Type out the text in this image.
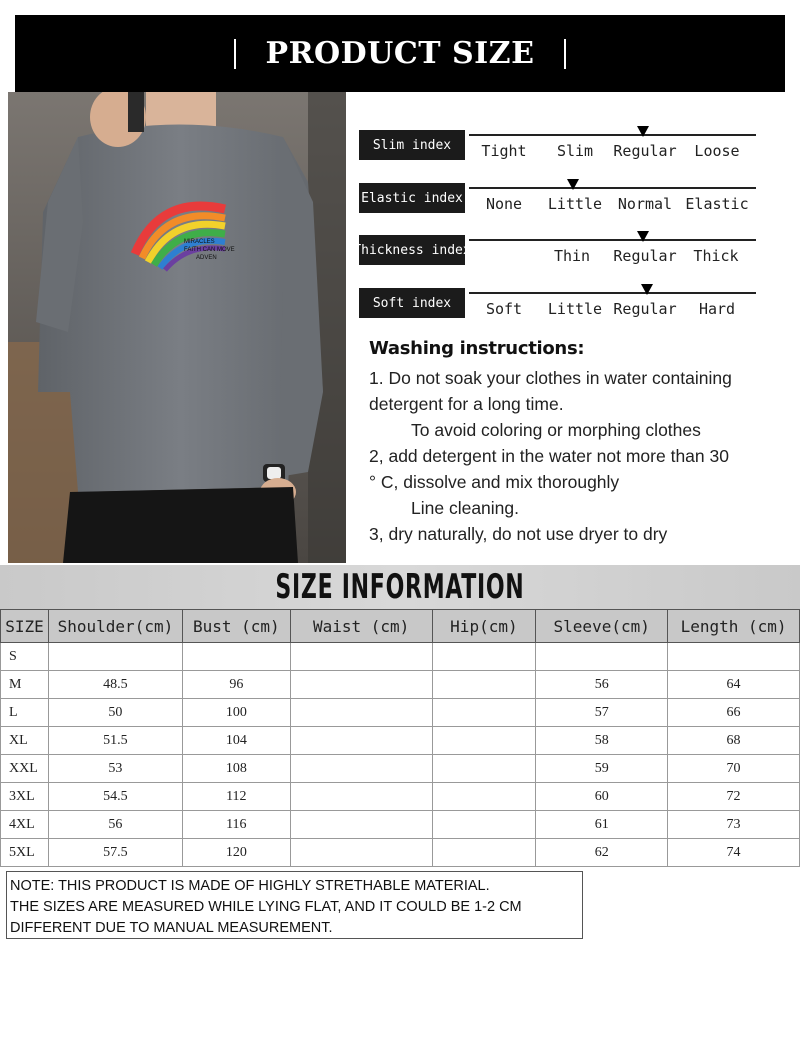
PRODUCT SIZE
MIRACLES
FAITH CAN MOVE
ADVEN
Slim index	Tight Slim Regular Loose
Elastic index None Little Normal Elastic
Thickness index	Thin Regular Thick
Soft index	Soft Little Regular Hard
Washing instructions:
1. Do not soak your clothes in water containing
detergent for a long time.
To avoid coloring or morphing clothes
2, add detergent in the water not more than 30
° C, dissolve and mix thoroughly
Line cleaning.
3, dry naturally, do not use dryer to dry
SIZE INFORMATION
SIZE	Shoulder(cm)	Bust (cm)	Waist (cm)	Hip(cm)	Sleeve(cm)	Length (cm)
S						
M	48.5	96			56	64
L	50	100			57	66
XL	51.5	104			58	68
XXL	53	108			59	70
3XL	54.5	112			60	72
4XL	56	116			61	73
5XL	57.5	120			62	74
NOTE: THIS PRODUCT IS MADE OF HIGHLY STRETHABLE MATERIAL.
THE SIZES ARE MEASURED WHILE LYING FLAT, AND IT COULD BE 1-2 CM
DIFFERENT DUE TO MANUAL MEASUREMENT.
